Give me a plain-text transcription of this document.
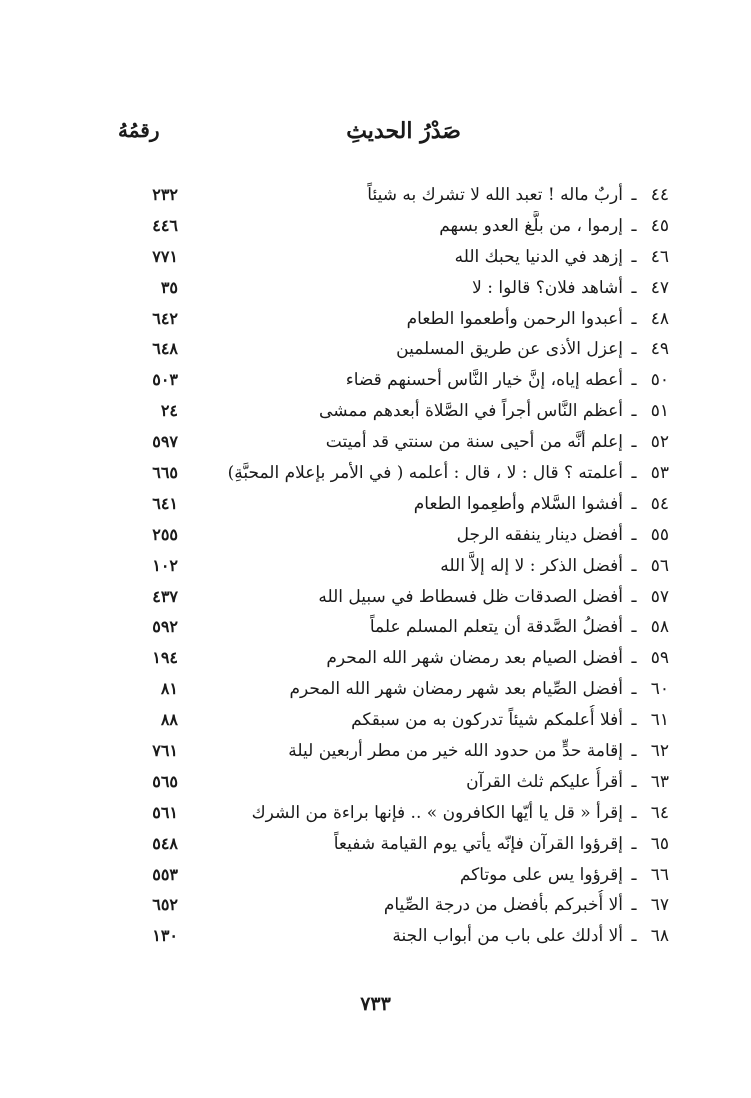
صَدْرُ الحديثِ
رقمُهُ
٤٤
ـ
أربٌ ماله ! تعبد الله لا تشرك به شيئاً
٢٣٢
٤٥
ـ
إرموا ، من بلَّغ العدو بسهم
٤٤٦
٤٦
ـ
إزهد في الدنيا يحبك الله
٧٧١
٤٧
ـ
أشاهد فلان؟ قالوا : لا
٣٥
٤٨
ـ
أعبدوا الرحمن وأطعموا الطعام
٦٤٢
٤٩
ـ
إعزل الأذى عن طريق المسلمين
٦٤٨
٥٠
ـ
أعطه إياه، إنَّ خيار النَّاس أحسنهم قضاء
٥٠٣
٥١
ـ
أعظم النَّاس أجراً في الصَّلاة أبعدهم ممشى
٢٤
٥٢
ـ
إعلم أنَّه من أحيى سنة من سنتي قد أميتت
٥٩٧
٥٣
ـ
أعلمته ؟ قال : لا ، قال : أعلمه ( في الأمر بإعلام المحبَّةِ)
٦٦٥
٥٤
ـ
أفشوا السَّلام وأطعِموا الطعام
٦٤١
٥٥
ـ
أفضل دينار ينفقه الرجل
٢٥٥
٥٦
ـ
أفضل الذكر : لا إله إلاَّ الله
١٠٢
٥٧
ـ
أفضل الصدقات ظل فسطاط في سبيل الله
٤٣٧
٥٨
ـ
أفضلُ الصَّدقة أن يتعلم المسلم علماً
٥٩٢
٥٩
ـ
أفضل الصيام بعد رمضان شهر الله المحرم
١٩٤
٦٠
ـ
أفضل الصِّيام بعد شهر رمضان شهر الله المحرم
٨١
٦١
ـ
أفلا أُعلمكم شيئاً تدركون به من سبقكم
٨٨
٦٢
ـ
إقامة حدٍّ من حدود الله خير من مطر أربعين ليلة
٧٦١
٦٣
ـ
أقرأُ عليكم ثلث القرآن
٥٦٥
٦٤
ـ
إقرأ « قل يا أيّها الكافرون » .. فإنها براءة من الشرك
٥٦١
٦٥
ـ
إقرؤوا القرآن فإنّه يأتي يوم القيامة شفيعاً
٥٤٨
٦٦
ـ
إقرؤوا يس على موتاكم
٥٥٣
٦٧
ـ
ألا أُخبركم بأفضل من درجة الصِّيام
٦٥٢
٦٨
ـ
ألا أدلك على باب من أبواب الجنة
١٣٠
٧٣٣
